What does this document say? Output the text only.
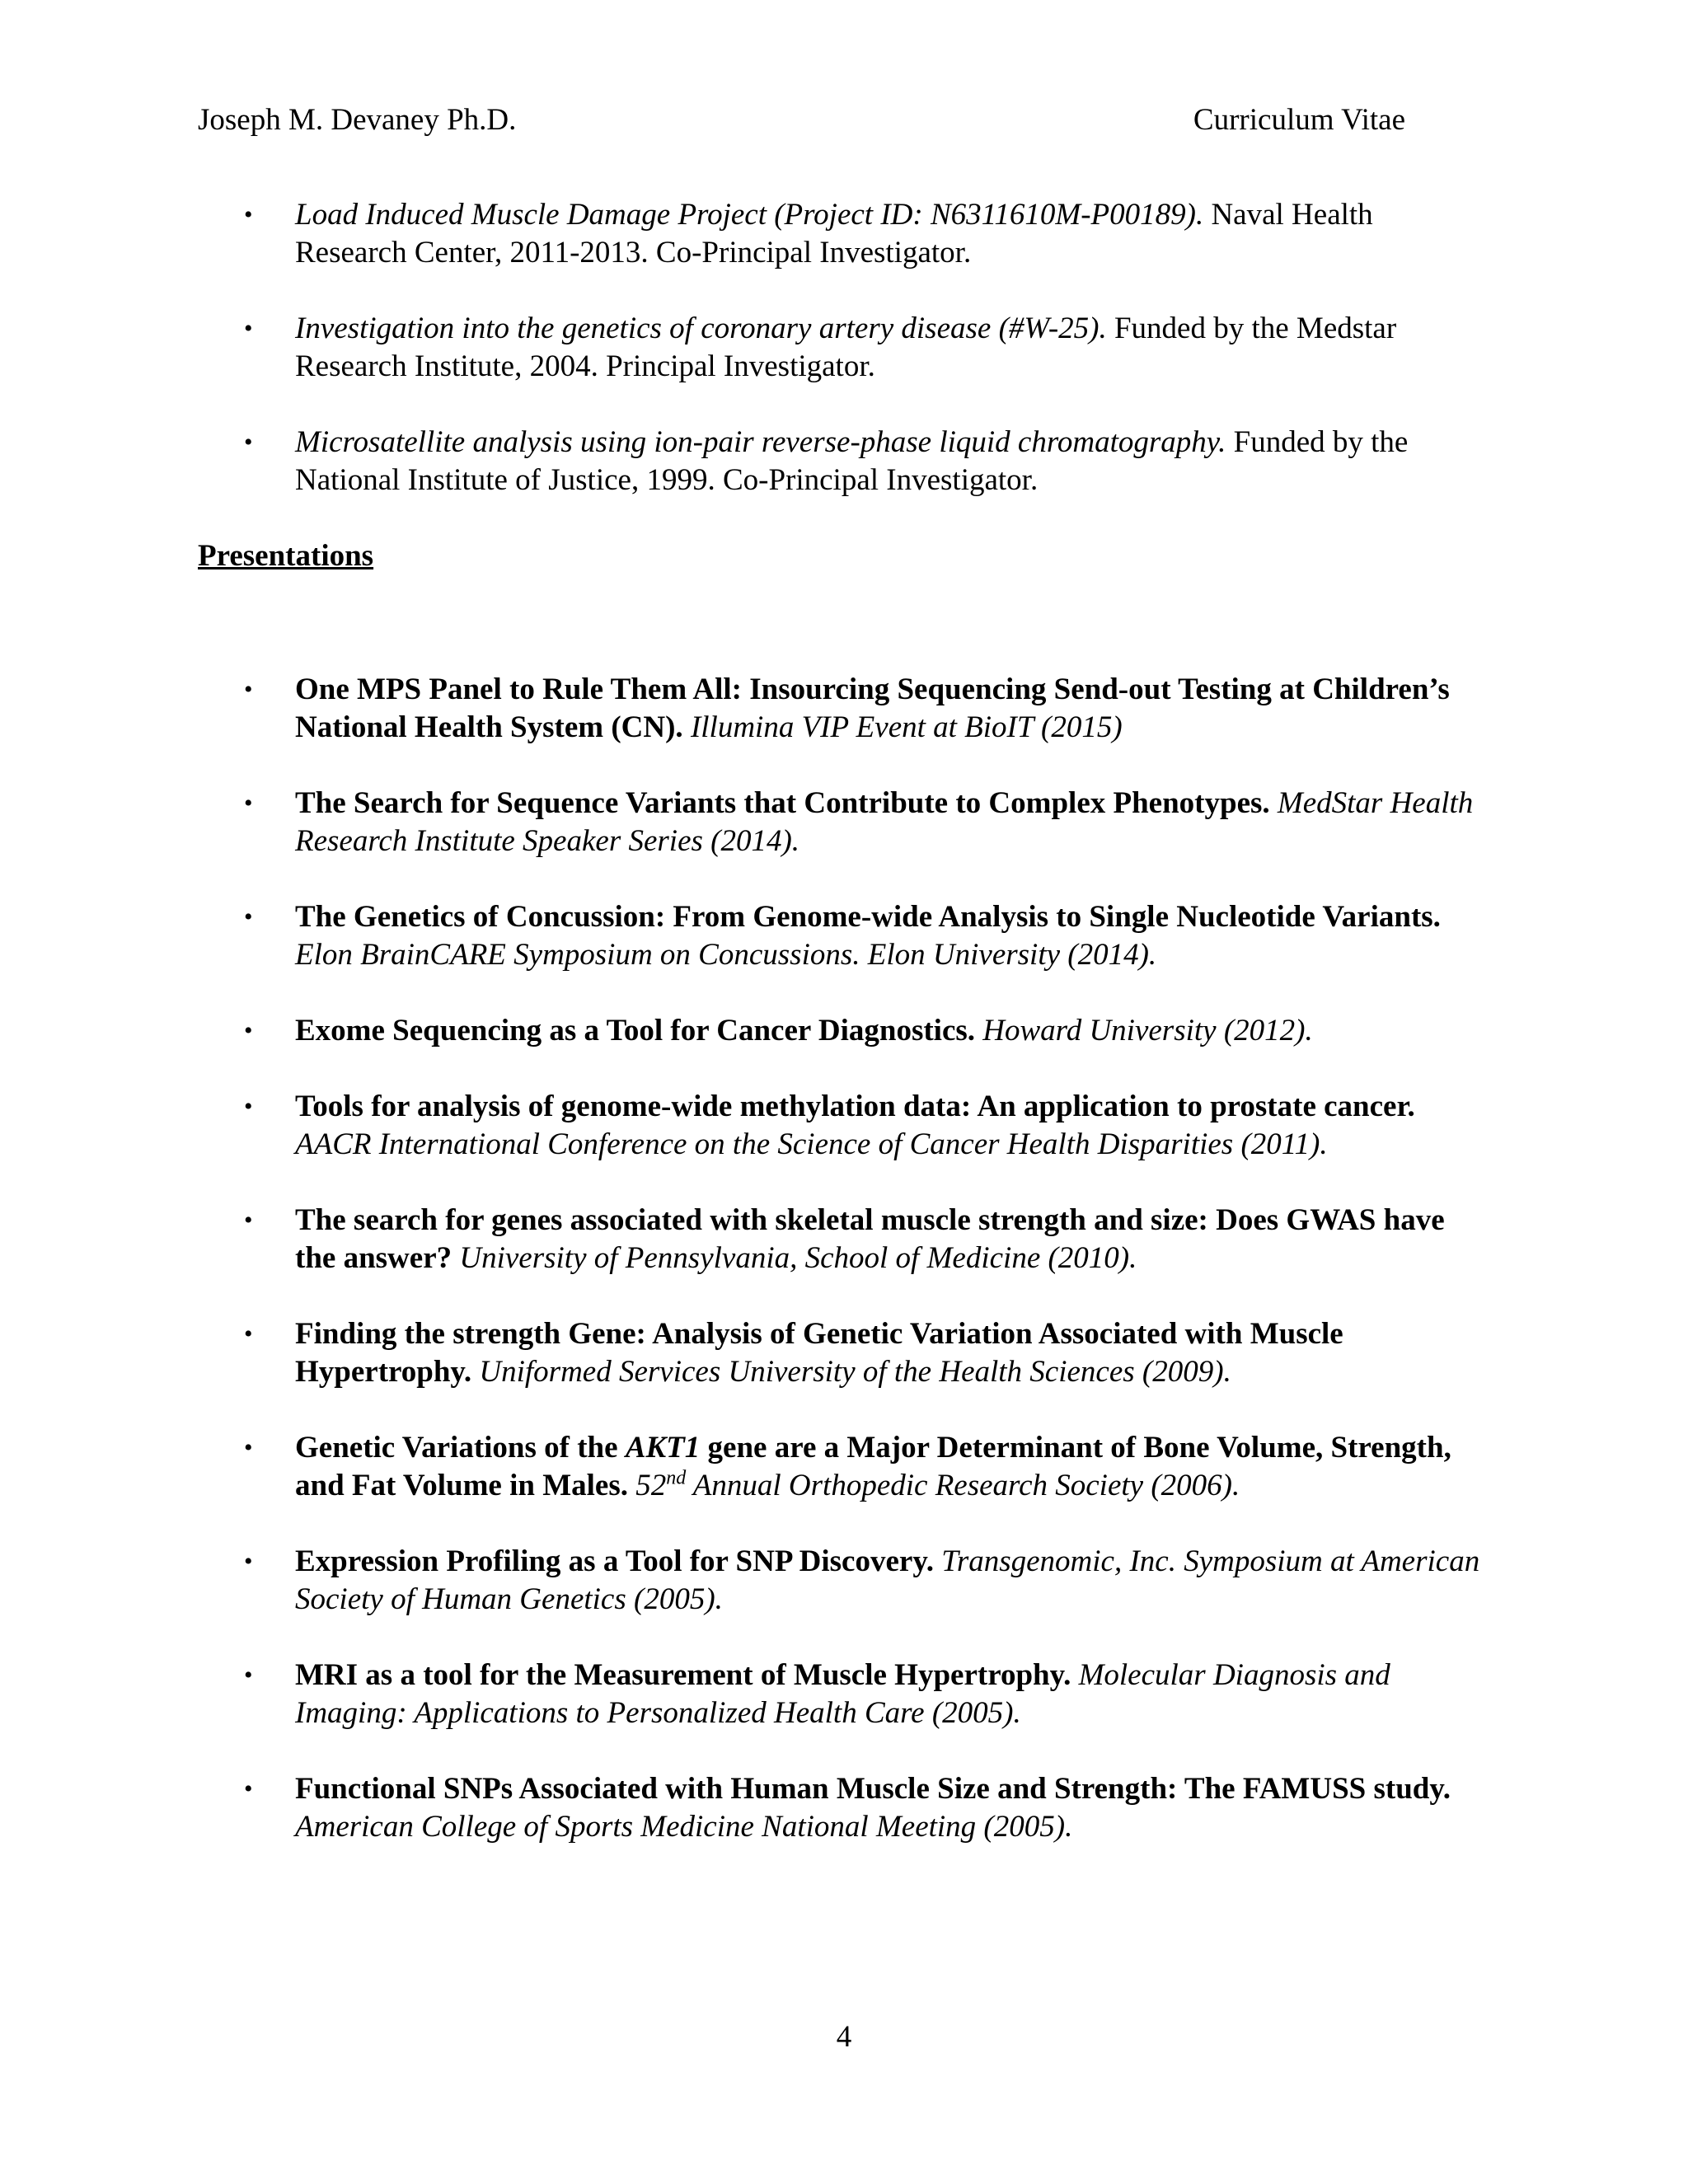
Joseph M. Devaney Ph.D.	Curriculum Vitae
• Load Induced Muscle Damage Project (Project ID: N6311610M-P00189). Naval Health Research Center, 2011-2013. Co-Principal Investigator.
• Investigation into the genetics of coronary artery disease (#W-25). Funded by the Medstar Research Institute, 2004. Principal Investigator.
• Microsatellite analysis using ion-pair reverse-phase liquid chromatography. Funded by the National Institute of Justice, 1999. Co-Principal Investigator.
Presentations
• One MPS Panel to Rule Them All: Insourcing Sequencing Send-out Testing at Children’s National Health System (CN). Illumina VIP Event at BioIT (2015)
• The Search for Sequence Variants that Contribute to Complex Phenotypes. MedStar Health Research Institute Speaker Series (2014).
• The Genetics of Concussion: From Genome-wide Analysis to Single Nucleotide Variants. Elon BrainCARE Symposium on Concussions. Elon University (2014).
• Exome Sequencing as a Tool for Cancer Diagnostics. Howard University (2012).
• Tools for analysis of genome-wide methylation data: An application to prostate cancer. AACR International Conference on the Science of Cancer Health Disparities (2011).
• The search for genes associated with skeletal muscle strength and size: Does GWAS have the answer? University of Pennsylvania, School of Medicine (2010).
• Finding the strength Gene: Analysis of Genetic Variation Associated with Muscle Hypertrophy. Uniformed Services University of the Health Sciences (2009).
• Genetic Variations of the AKT1 gene are a Major Determinant of Bone Volume, Strength, and Fat Volume in Males. 52nd Annual Orthopedic Research Society (2006).
• Expression Profiling as a Tool for SNP Discovery. Transgenomic, Inc. Symposium at American Society of Human Genetics (2005).
• MRI as a tool for the Measurement of Muscle Hypertrophy. Molecular Diagnosis and Imaging: Applications to Personalized Health Care (2005).
• Functional SNPs Associated with Human Muscle Size and Strength: The FAMUSS study. American College of Sports Medicine National Meeting (2005).
4
